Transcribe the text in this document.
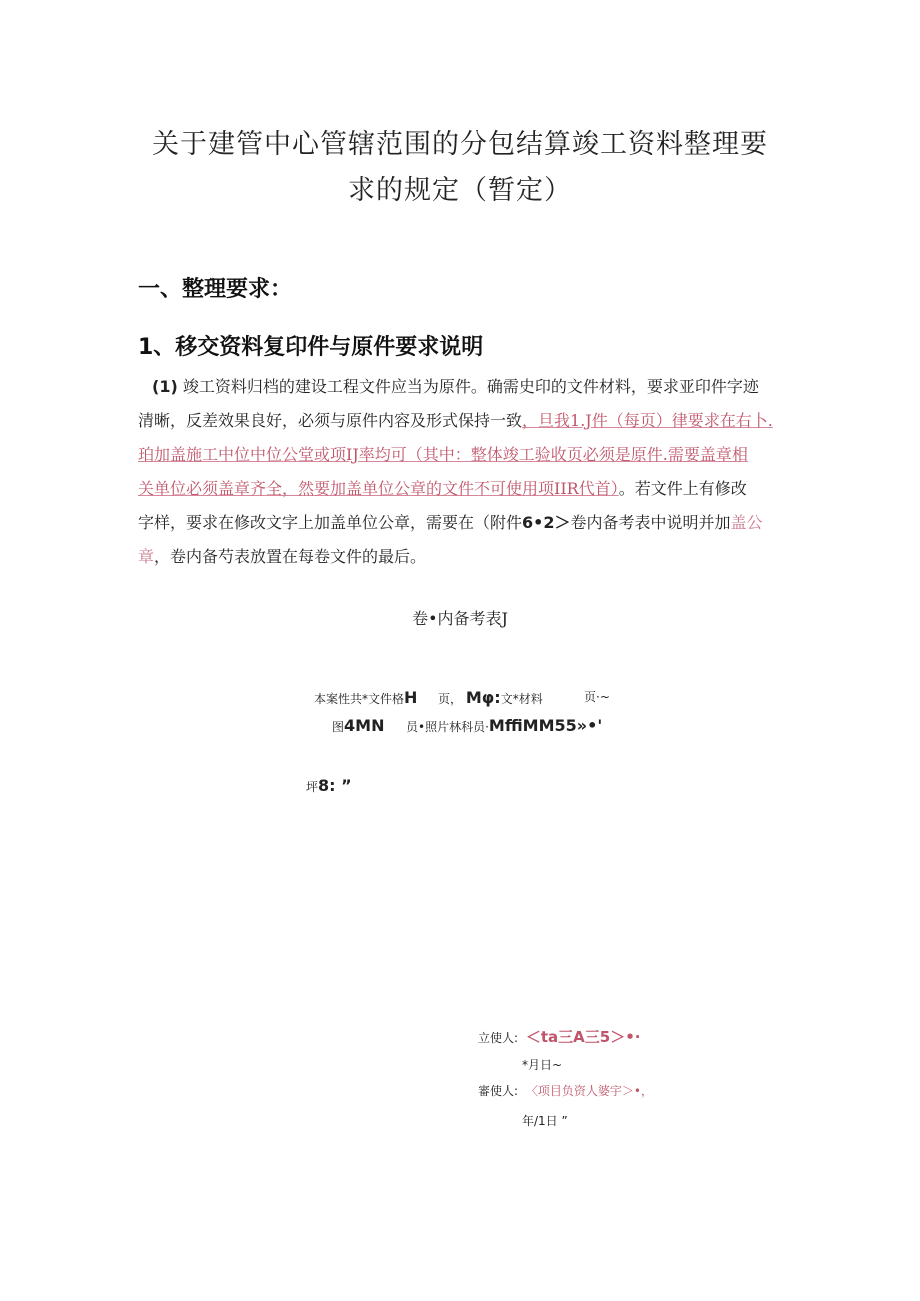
关于建管中心管辖范围的分包结算竣工资料整理要
求的规定（暂定）
一、整理要求：
1、移交资料复印件与原件要求说明
(1) 竣工资料归档的建设工程文件应当为原件。确需史印的文件材料，要求亚印件字迹
清晰，反差效果良好，必须与原件内容及形式保持一致，旦我1.J件（每页）律要求在右卜.
珀加盖施工中位中位公堂或项IJ率均可（其中：整体竣工验收页必须是原件.需要盖章相
关单位必须盖章齐全，然要加盖单位公章的文件不可使用项IIR代首）。若文件上有修改
字样，要求在修改文字上加盖单位公章，需要在（附件6•2＞卷内备考表中说明并加盖公
章，卷内备芍表放置在每卷文件的最后。
卷•内备考表J
本案性共*文件格H 页， Mφ:文*材料	页·~
图4MN 员•照片林科员·MffiMM55»•'
坪8: ”
立使人: ＜ta三A三5＞•·
*月日~
審使人: 〈项目负资人婆宇＞•，
年/1日 ”
